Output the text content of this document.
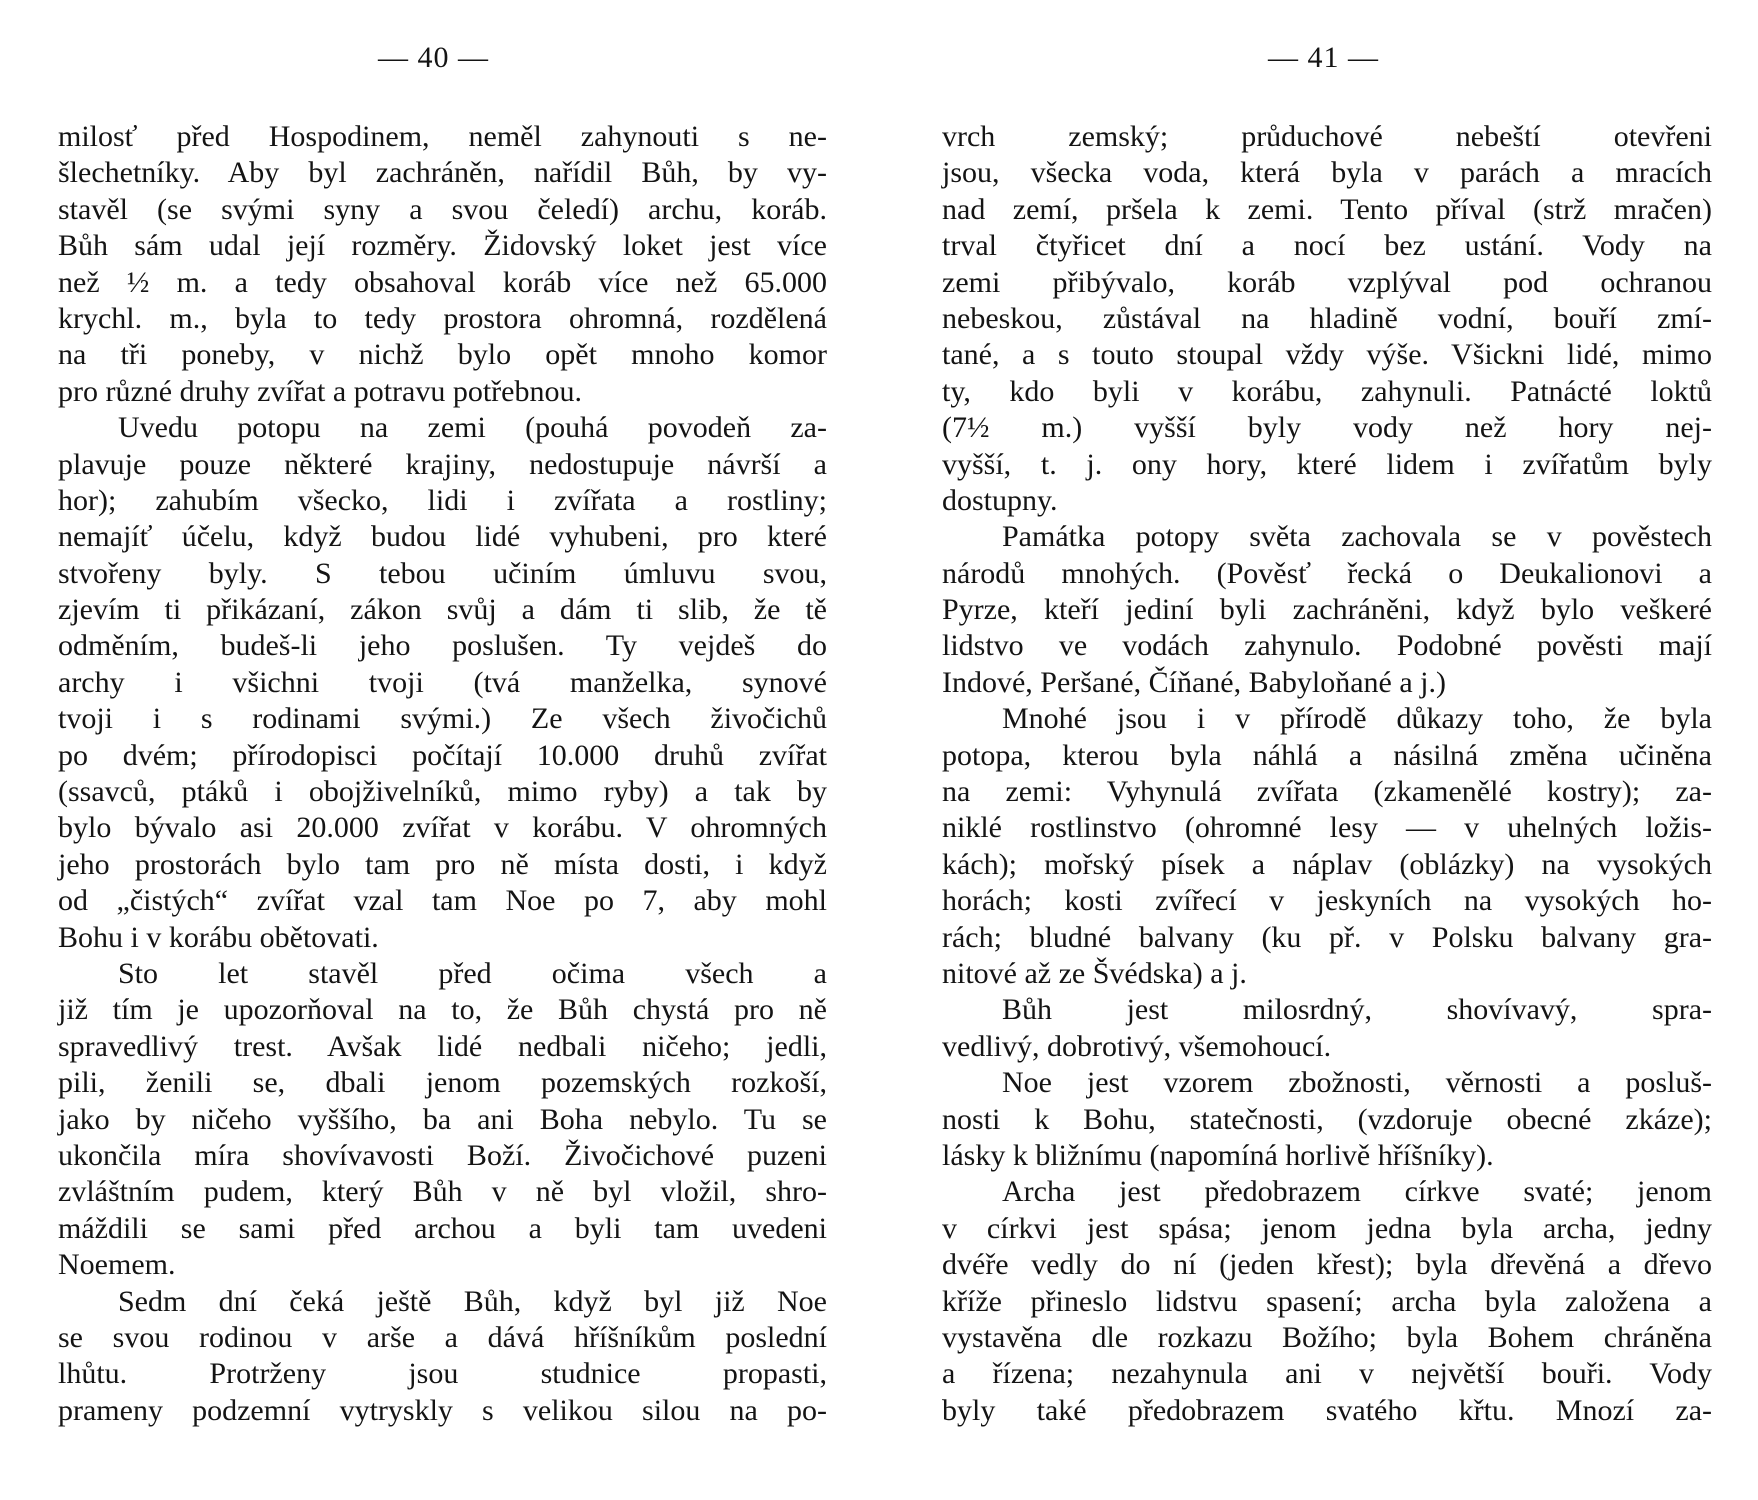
— 40 —	— 41 —
milosť před Hospodinem, neměl zahynouti s ne-
šlechetníky. Aby byl zachráněn, nařídil Bůh, by vy-
stavěl (se svými syny a svou čeledí) archu, koráb.
Bůh sám udal její rozměry. Židovský loket jest více
než ½ m. a tedy obsahoval koráb více než 65.000
krychl. m., byla to tedy prostora ohromná, rozdělená
na tři poneby, v nichž bylo opět mnoho komor
pro různé druhy zvířat a potravu potřebnou.
Uvedu potopu na zemi (pouhá povodeň za-
plavuje pouze některé krajiny, nedostupuje návrší a
hor); zahubím všecko, lidi i zvířata a rostliny;
nemajíť účelu, když budou lidé vyhubeni, pro které
stvořeny byly. S tebou učiním úmluvu svou,
zjevím ti přikázaní, zákon svůj a dám ti slib, že tě
odměním, budeš-li jeho poslušen. Ty vejdeš do
archy i všichni tvoji (tvá manželka, synové
tvoji i s rodinami svými.) Ze všech živočichů
po dvém; přírodopisci počítají 10.000 druhů zvířat
(ssavců, ptáků i obojživelníků, mimo ryby) a tak by
bylo bývalo asi 20.000 zvířat v korábu. V ohromných
jeho prostorách bylo tam pro ně místa dosti, i když
od „čistých“ zvířat vzal tam Noe po 7, aby mohl
Bohu i v korábu obětovati.
Sto let stavěl před očima všech a
již tím je upozorňoval na to, že Bůh chystá pro ně
spravedlivý trest. Avšak lidé nedbali ničeho; jedli,
pili, ženili se, dbali jenom pozemských rozkoší,
jako by ničeho vyššího, ba ani Boha nebylo. Tu se
ukončila míra shovívavosti Boží. Živočichové puzeni
zvláštním pudem, který Bůh v ně byl vložil, shro-
máždili se sami před archou a byli tam uvedeni
Noemem.
Sedm dní čeká ještě Bůh, když byl již Noe
se svou rodinou v arše a dává hříšníkům poslední
lhůtu. Protrženy jsou studnice propasti,
prameny podzemní vytryskly s velikou silou na po-
vrch zemský; průduchové nebeští otevřeni
jsou, všecka voda, která byla v parách a mracích
nad zemí, pršela k zemi. Tento příval (strž mračen)
trval čtyřicet dní a nocí bez ustání. Vody na
zemi přibývalo, koráb vzplýval pod ochranou
nebeskou, zůstával na hladině vodní, bouří zmí-
tané, a s touto stoupal vždy výše. Všickni lidé, mimo
ty, kdo byli v korábu, zahynuli. Patnácté loktů
(7½ m.) vyšší byly vody než hory nej-
vyšší, t. j. ony hory, které lidem i zvířatům byly
dostupny.
Památka potopy světa zachovala se v pověstech
národů mnohých. (Pověsť řecká o Deukalionovi a
Pyrze, kteří jediní byli zachráněni, když bylo veškeré
lidstvo ve vodách zahynulo. Podobné pověsti mají
Indové, Peršané, Číňané, Babyloňané a j.)
Mnohé jsou i v přírodě důkazy toho, že byla
potopa, kterou byla náhlá a násilná změna učiněna
na zemi: Vyhynulá zvířata (zkamenělé kostry); za-
niklé rostlinstvo (ohromné lesy — v uhelných ložis-
kách); mořský písek a náplav (oblázky) na vysokých
horách; kosti zvířecí v jeskyních na vysokých ho-
rách; bludné balvany (ku př. v Polsku balvany gra-
nitové až ze Švédska) a j.
Bůh jest milosrdný, shovívavý, spra-
vedlivý, dobrotivý, všemohoucí.
Noe jest vzorem zbožnosti, věrnosti a posluš-
nosti k Bohu, statečnosti, (vzdoruje obecné zkáze);
lásky k bližnímu (napomíná horlivě hříšníky).
Archa jest předobrazem církve svaté; jenom
v církvi jest spása; jenom jedna byla archa, jedny
dvéře vedly do ní (jeden křest); byla dřevěná a dřevo
kříže přineslo lidstvu spasení; archa byla založena a
vystavěna dle rozkazu Božího; byla Bohem chráněna
a řízena; nezahynula ani v největší bouři. Vody
byly také předobrazem svatého křtu. Mnozí za-
